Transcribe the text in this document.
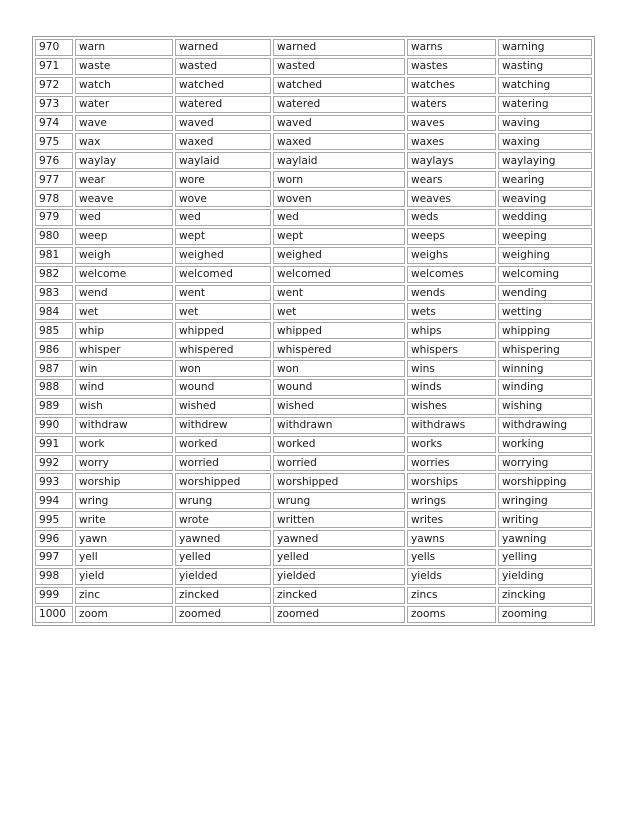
970	warn	warned	warned	warns	warning
971	waste	wasted	wasted	wastes	wasting
972	watch	watched	watched	watches	watching
973	water	watered	watered	waters	watering
974	wave	waved	waved	waves	waving
975	wax	waxed	waxed	waxes	waxing
976	waylay	waylaid	waylaid	waylays	waylaying
977	wear	wore	worn	wears	wearing
978	weave	wove	woven	weaves	weaving
979	wed	wed	wed	weds	wedding
980	weep	wept	wept	weeps	weeping
981	weigh	weighed	weighed	weighs	weighing
982	welcome	welcomed	welcomed	welcomes	welcoming
983	wend	went	went	wends	wending
984	wet	wet	wet	wets	wetting
985	whip	whipped	whipped	whips	whipping
986	whisper	whispered	whispered	whispers	whispering
987	win	won	won	wins	winning
988	wind	wound	wound	winds	winding
989	wish	wished	wished	wishes	wishing
990	withdraw	withdrew	withdrawn	withdraws	withdrawing
991	work	worked	worked	works	working
992	worry	worried	worried	worries	worrying
993	worship	worshipped	worshipped	worships	worshipping
994	wring	wrung	wrung	wrings	wringing
995	write	wrote	written	writes	writing
996	yawn	yawned	yawned	yawns	yawning
997	yell	yelled	yelled	yells	yelling
998	yield	yielded	yielded	yields	yielding
999	zinc	zincked	zincked	zincs	zincking
1000	zoom	zoomed	zoomed	zooms	zooming
